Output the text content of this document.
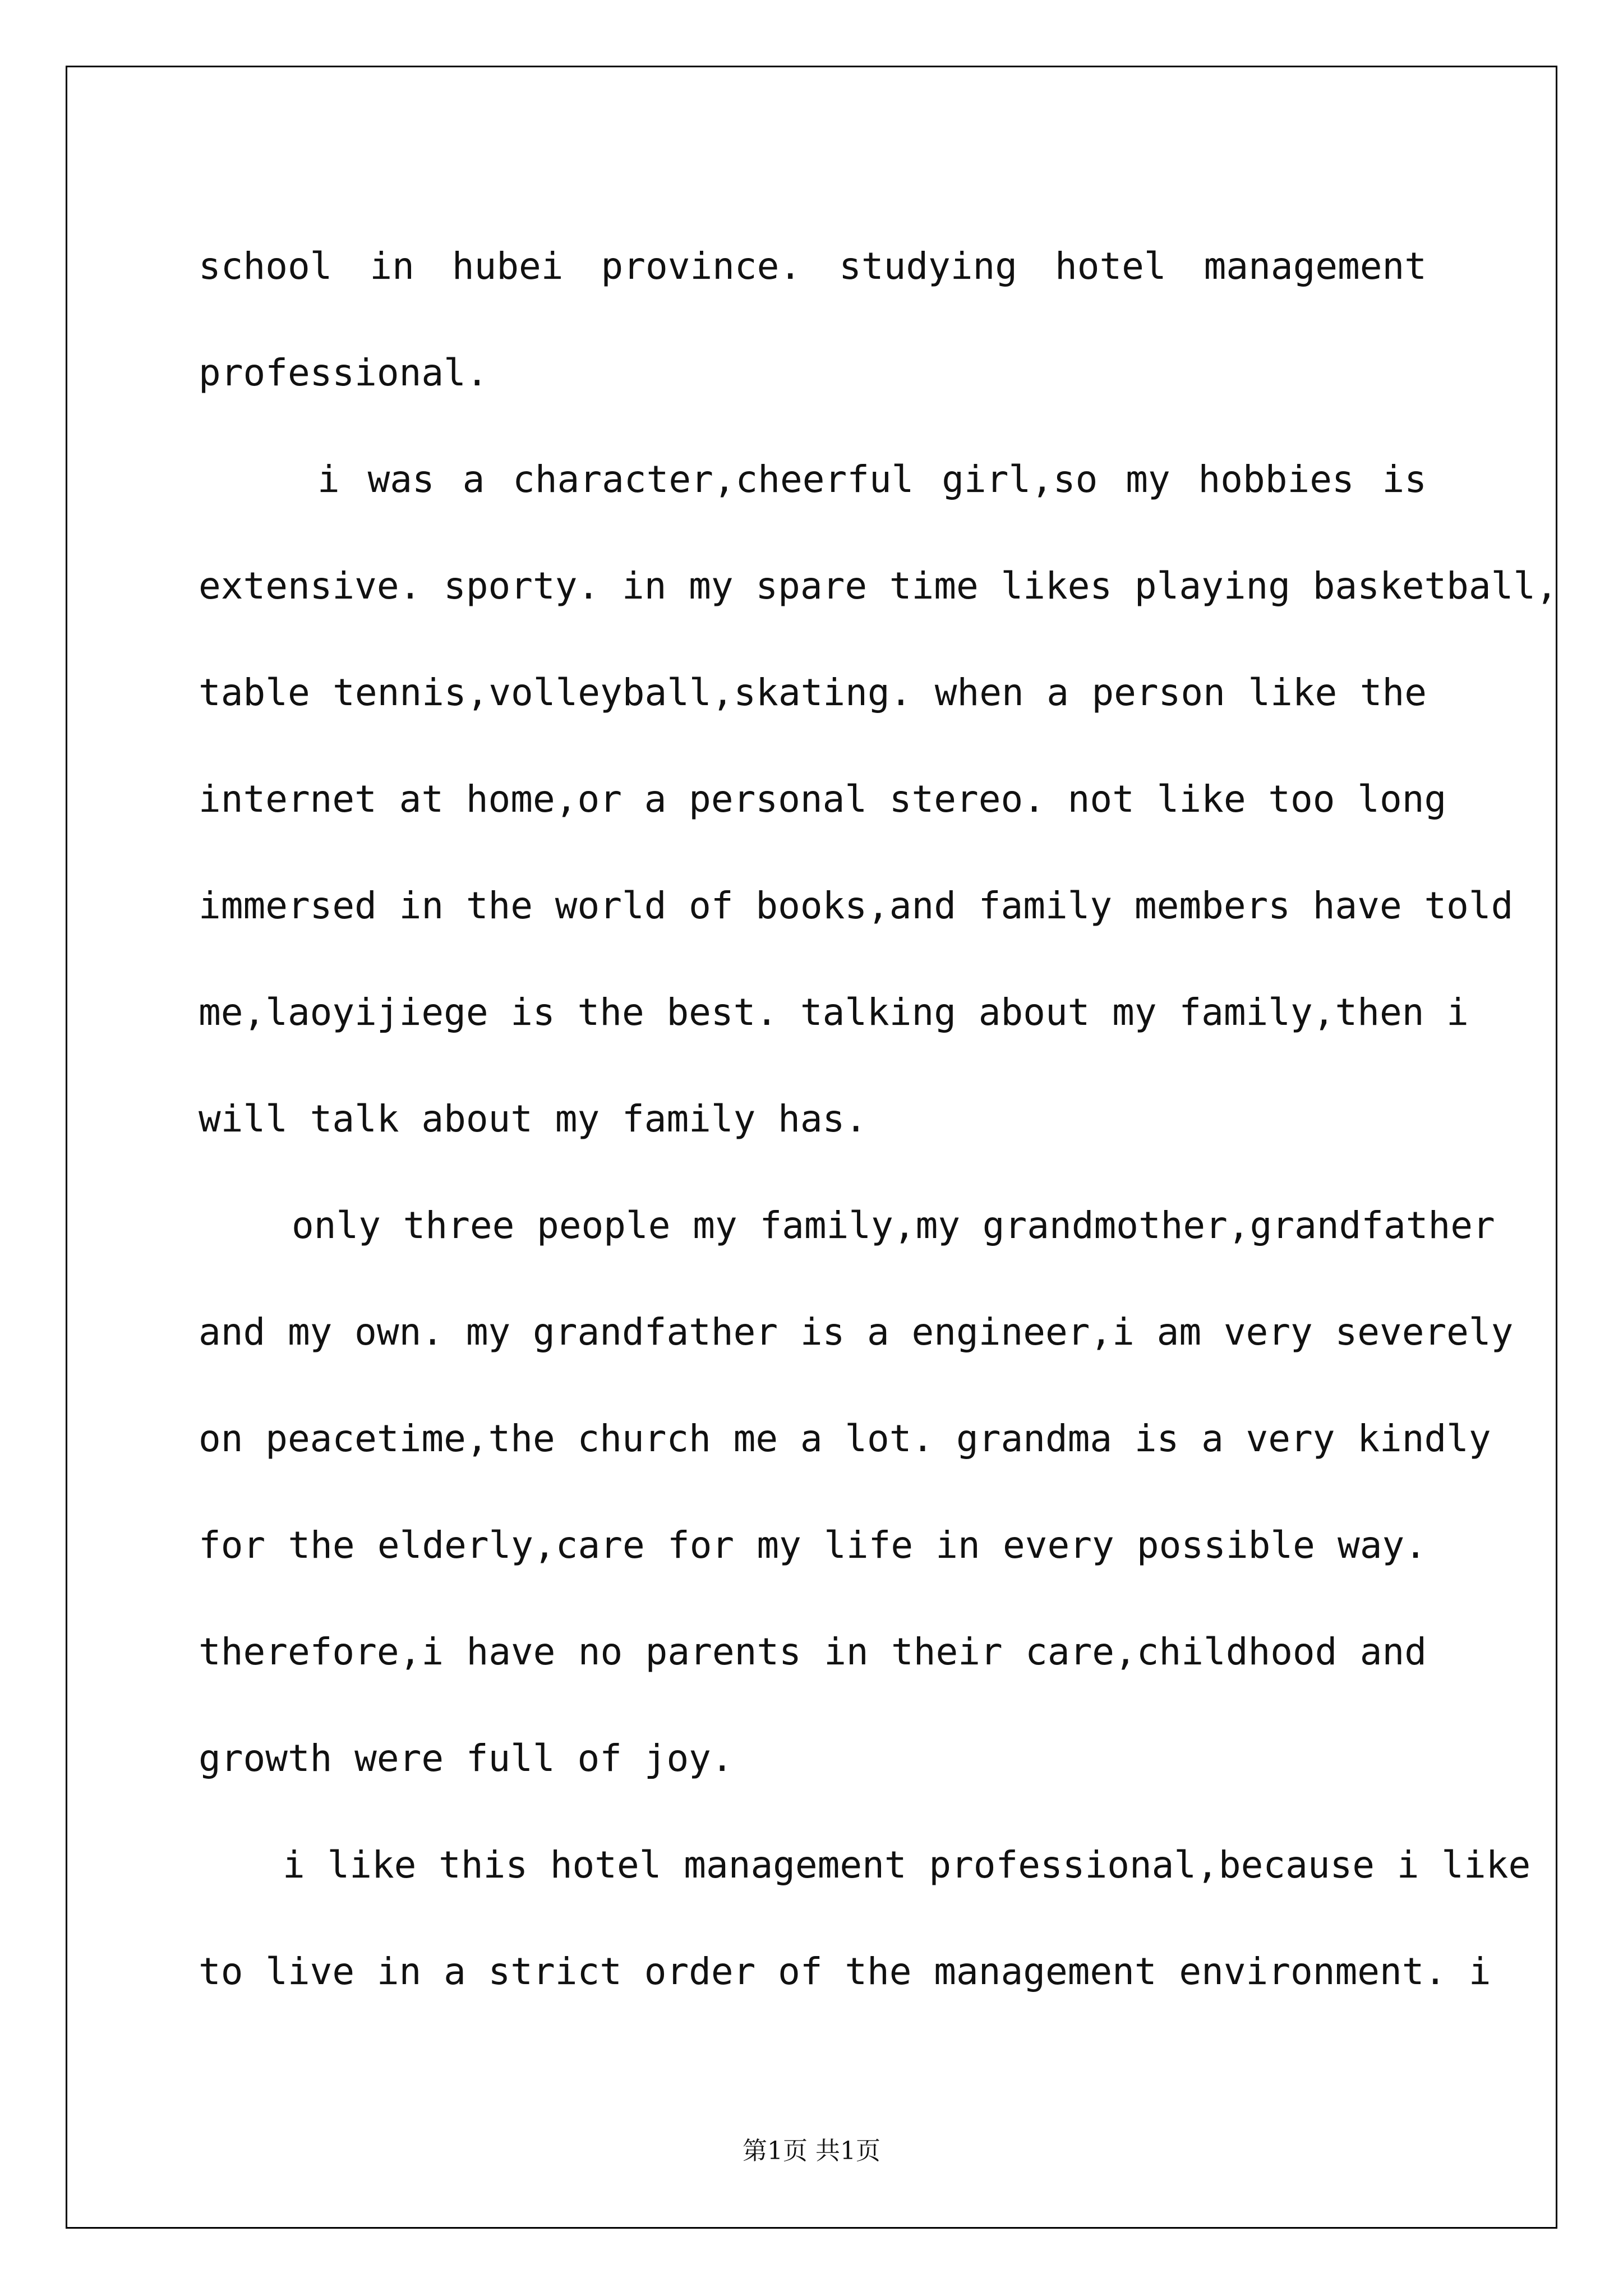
school in hubei province. studying hotel management
professional.
i was a character,cheerful girl,so my hobbies is
extensive. sporty. in my spare time likes playing basketball,
table tennis,volleyball,skating. when a person like the
internet at home,or a personal stereo. not like too long
immersed in the world of books,and family members have told
me,laoyijiege is the best. talking about my family,then i
will talk about my family has.
only three people my family,my grandmother,grandfather
and my own. my grandfather is a engineer,i am very severely
on peacetime,the church me a lot. grandma is a very kindly
for the elderly,care for my life in every possible way.
therefore,i have no parents in their care,childhood and
growth were full of joy.
i like this hotel management professional,because i like
to live in a strict order of the management environment. i
第1页 共1页
